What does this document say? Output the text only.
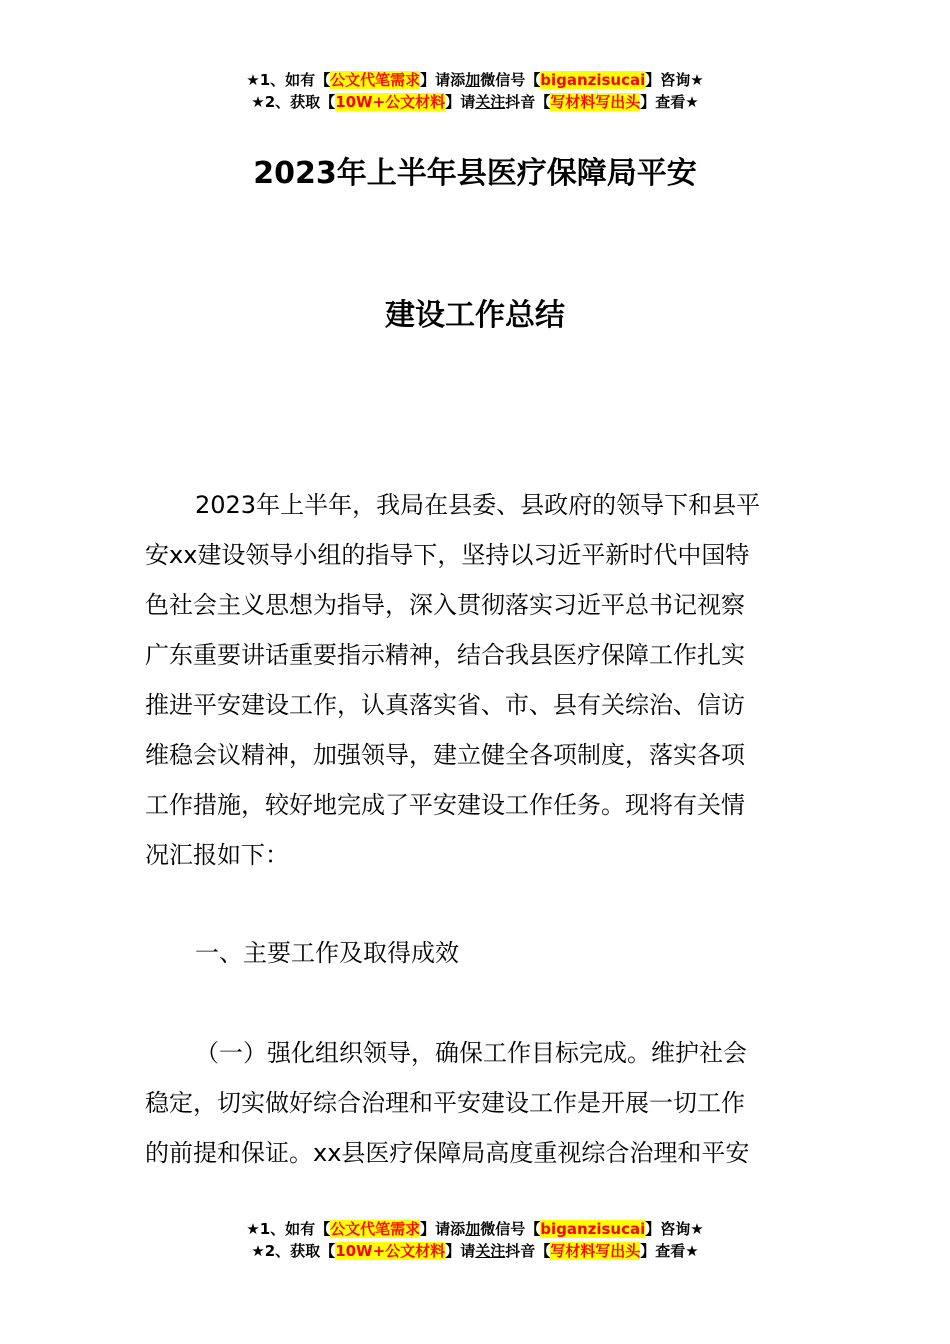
★1、如有【公文代笔需求】请添加微信号【biganzisucai】咨询★
★2、获取【10W+公文材料】请关注抖音【写材料写出头】查看★
2023年上半年县医疗保障局平安
建设工作总结
2023年上半年，我局在县委、县政府的领导下和县平
安xx建设领导小组的指导下，坚持以习近平新时代中国特
色社会主义思想为指导，深入贯彻落实习近平总书记视察
广东重要讲话重要指示精神，结合我县医疗保障工作扎实
推进平安建设工作，认真落实省、市、县有关综治、信访
维稳会议精神，加强领导，建立健全各项制度，落实各项
工作措施，较好地完成了平安建设工作任务。现将有关情
况汇报如下：
一、主要工作及取得成效
（一）强化组织领导，确保工作目标完成。维护社会
稳定，切实做好综合治理和平安建设工作是开展一切工作
的前提和保证。xx县医疗保障局高度重视综合治理和平安
★1、如有【公文代笔需求】请添加微信号【biganzisucai】咨询★
★2、获取【10W+公文材料】请关注抖音【写材料写出头】查看★
